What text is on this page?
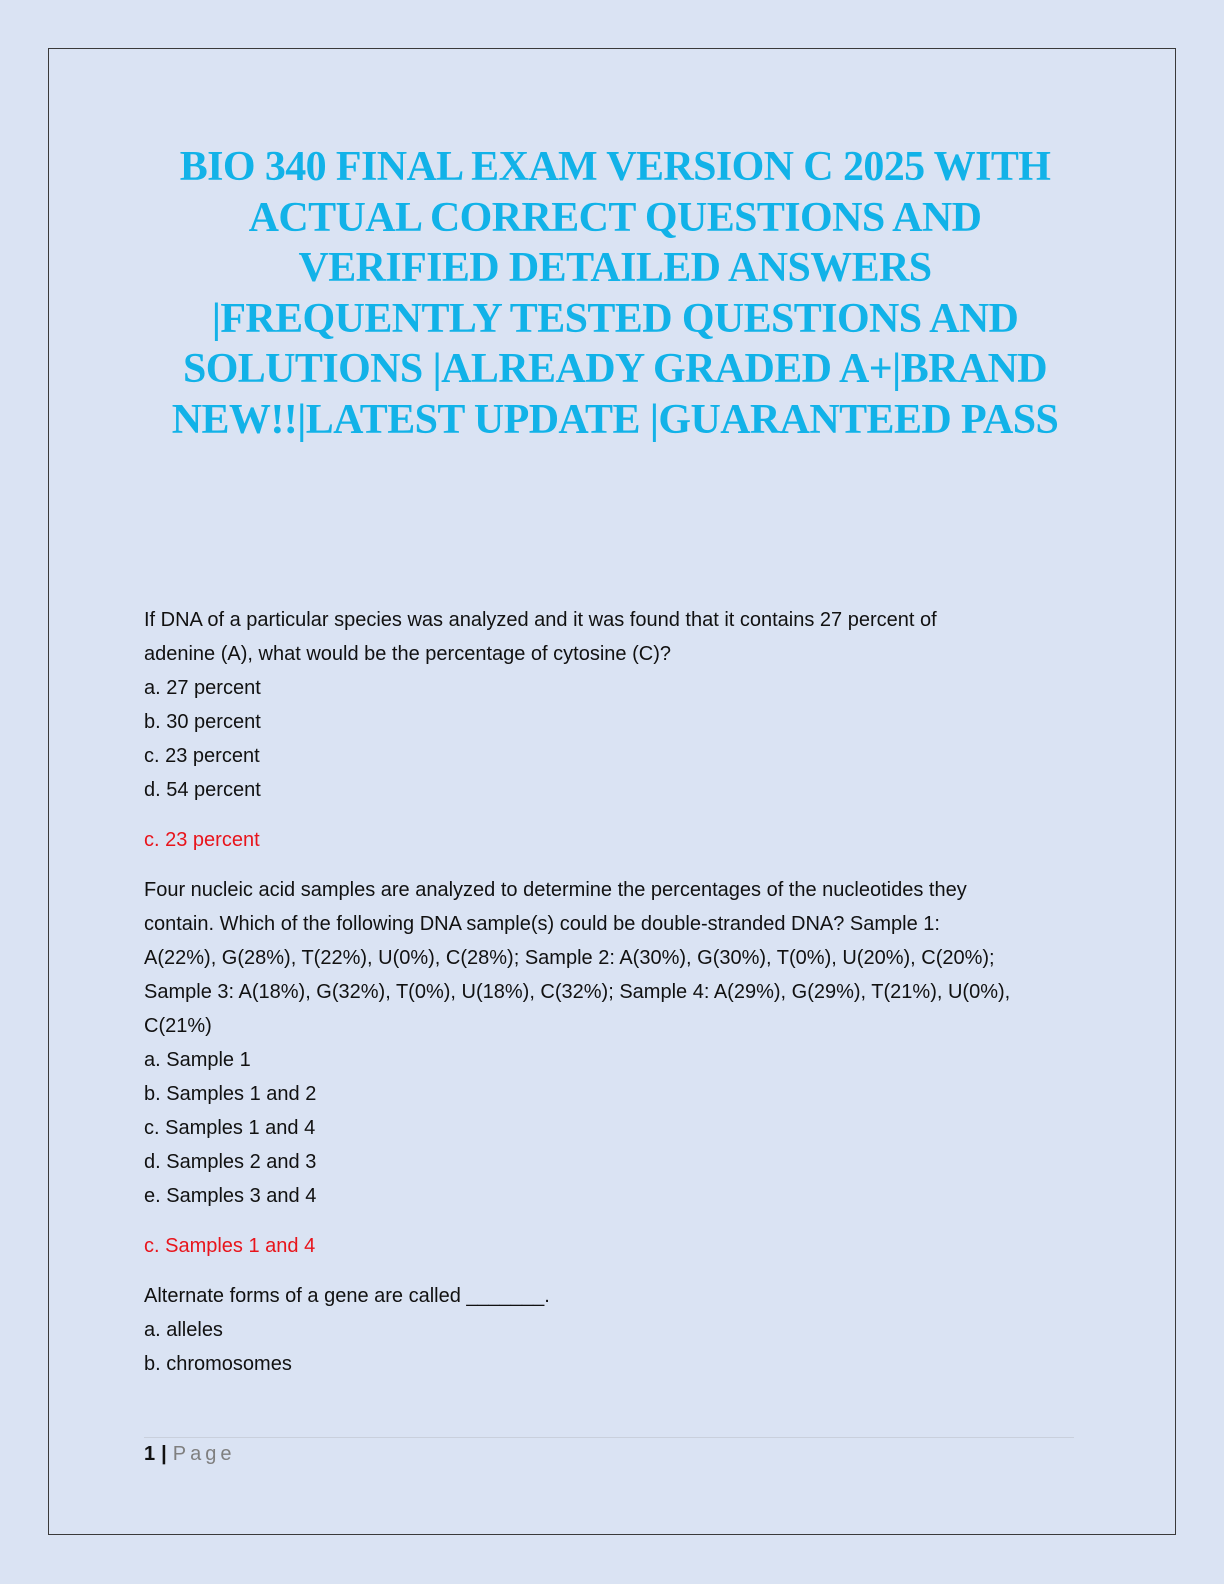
BIO 340 FINAL EXAM VERSION C 2025 WITH
ACTUAL CORRECT QUESTIONS AND
VERIFIED DETAILED ANSWERS
|FREQUENTLY TESTED QUESTIONS AND
SOLUTIONS |ALREADY GRADED A+|BRAND
NEW!!|LATEST UPDATE |GUARANTEED PASS
If DNA of a particular species was analyzed and it was found that it contains 27 percent of
adenine (A), what would be the percentage of cytosine (C)?
a. 27 percent
b. 30 percent
c. 23 percent
d. 54 percent
c. 23 percent
Four nucleic acid samples are analyzed to determine the percentages of the nucleotides they
contain. Which of the following DNA sample(s) could be double-stranded DNA? Sample 1:
A(22%), G(28%), T(22%), U(0%), C(28%); Sample 2: A(30%), G(30%), T(0%), U(20%), C(20%);
Sample 3: A(18%), G(32%), T(0%), U(18%), C(32%); Sample 4: A(29%), G(29%), T(21%), U(0%),
C(21%)
a. Sample 1
b. Samples 1 and 2
c. Samples 1 and 4
d. Samples 2 and 3
e. Samples 3 and 4
c. Samples 1 and 4
Alternate forms of a gene are called _______.
a. alleles
b. chromosomes
1 | Page
